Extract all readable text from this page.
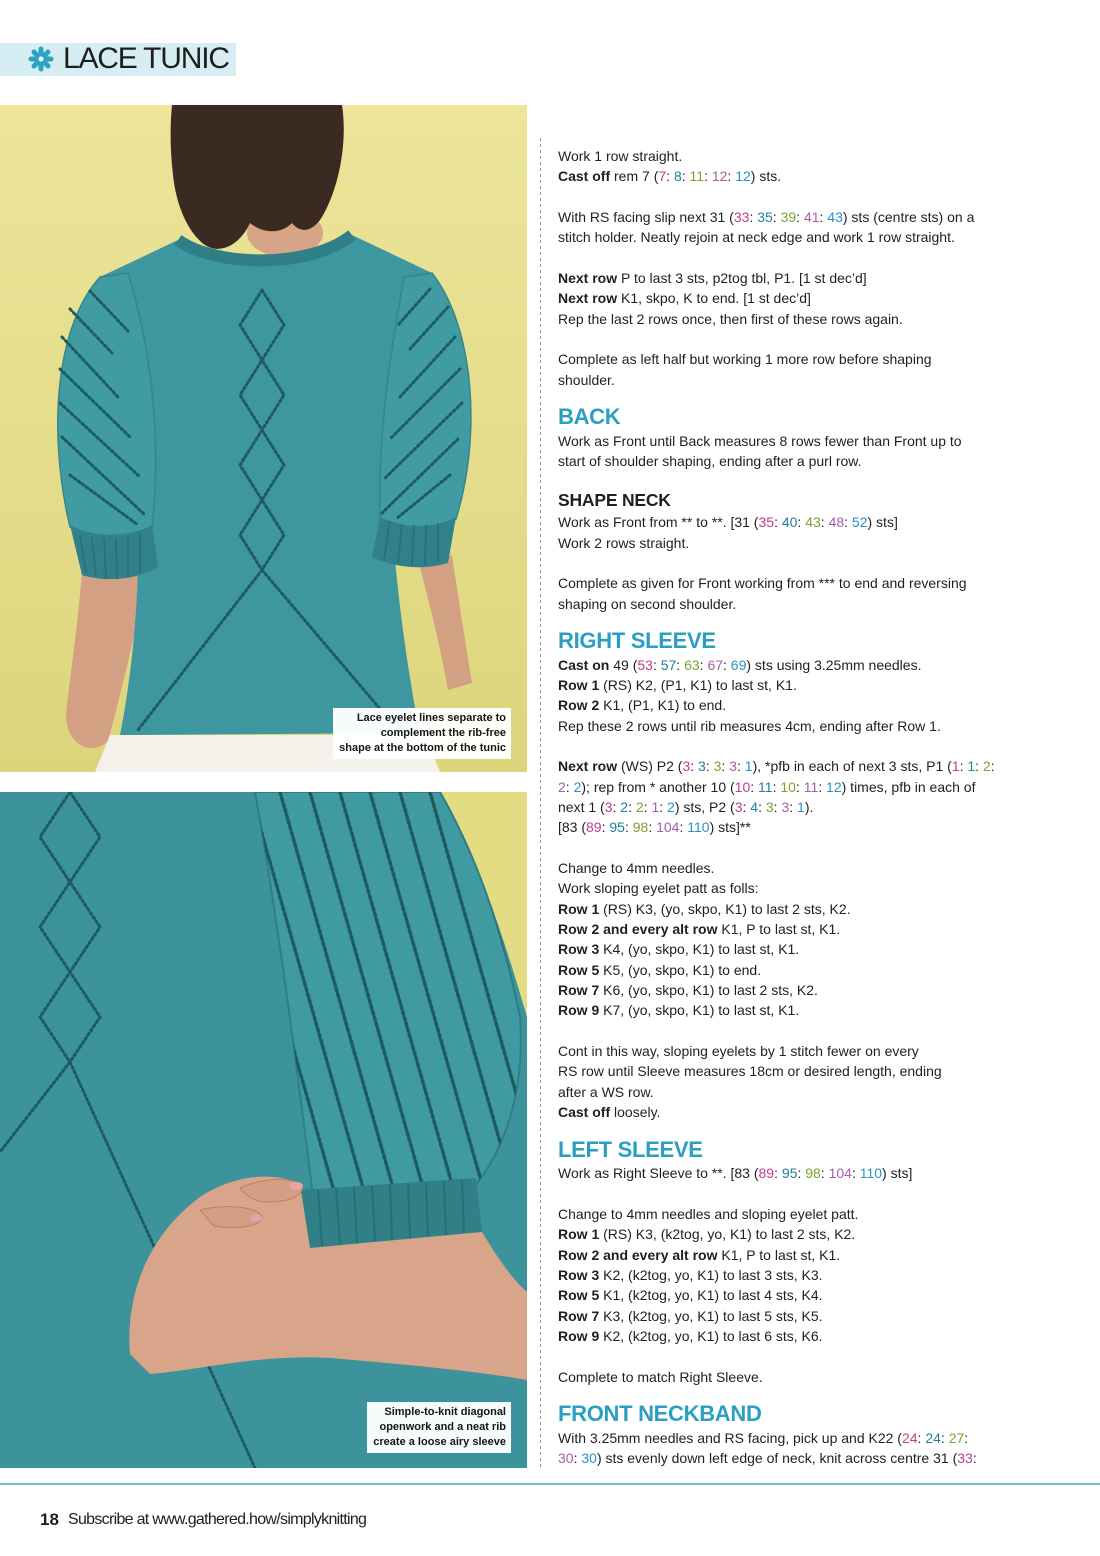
LACE TUNIC
Lace eyelet lines separate to
complement the rib-free
shape at the bottom of the tunic
Simple-to-knit diagonal
openwork and a neat rib
create a loose airy sleeve
Work 1 row straight.
Cast off rem 7 (7: 8: 11: 12: 12) sts.
With RS facing slip next 31 (33: 35: 39: 41: 43) sts (centre sts) on a
stitch holder. Neatly rejoin at neck edge and work 1 row straight.
Next row P to last 3 sts, p2tog tbl, P1. [1 st dec’d]
Next row K1, skpo, K to end. [1 st dec’d]
Rep the last 2 rows once, then first of these rows again.
Complete as left half but working 1 more row before shaping
shoulder.
BACK
Work as Front until Back measures 8 rows fewer than Front up to
start of shoulder shaping, ending after a purl row.
SHAPE NECK
Work as Front from ** to **. [31 (35: 40: 43: 48: 52) sts]
Work 2 rows straight.
Complete as given for Front working from *** to end and reversing
shaping on second shoulder.
RIGHT SLEEVE
Cast on 49 (53: 57: 63: 67: 69) sts using 3.25mm needles.
Row 1 (RS) K2, (P1, K1) to last st, K1.
Row 2 K1, (P1, K1) to end.
Rep these 2 rows until rib measures 4cm, ending after Row 1.
Next row (WS) P2 (3: 3: 3: 3: 1), *pfb in each of next 3 sts, P1 (1: 1: 2:
2: 2); rep from * another 10 (10: 11: 10: 11: 12) times, pfb in each of
next 1 (3: 2: 2: 1: 2) sts, P2 (3: 4: 3: 3: 1).
[83 (89: 95: 98: 104: 110) sts]**
Change to 4mm needles.
Work sloping eyelet patt as folls:
Row 1 (RS) K3, (yo, skpo, K1) to last 2 sts, K2.
Row 2 and every alt row K1, P to last st, K1.
Row 3 K4, (yo, skpo, K1) to last st, K1.
Row 5 K5, (yo, skpo, K1) to end.
Row 7 K6, (yo, skpo, K1) to last 2 sts, K2.
Row 9 K7, (yo, skpo, K1) to last st, K1.
Cont in this way, sloping eyelets by 1 stitch fewer on every
RS row until Sleeve measures 18cm or desired length, ending
after a WS row.
Cast off loosely.
LEFT SLEEVE
Work as Right Sleeve to **. [83 (89: 95: 98: 104: 110) sts]
Change to 4mm needles and sloping eyelet patt.
Row 1 (RS) K3, (k2tog, yo, K1) to last 2 sts, K2.
Row 2 and every alt row K1, P to last st, K1.
Row 3 K2, (k2tog, yo, K1) to last 3 sts, K3.
Row 5 K1, (k2tog, yo, K1) to last 4 sts, K4.
Row 7 K3, (k2tog, yo, K1) to last 5 sts, K5.
Row 9 K2, (k2tog, yo, K1) to last 6 sts, K6.
Complete to match Right Sleeve.
FRONT NECKBAND
With 3.25mm needles and RS facing, pick up and K22 (24: 24: 27:
30: 30) sts evenly down left edge of neck, knit across centre 31 (33:
18 Subscribe at www.gathered.how/simplyknitting
